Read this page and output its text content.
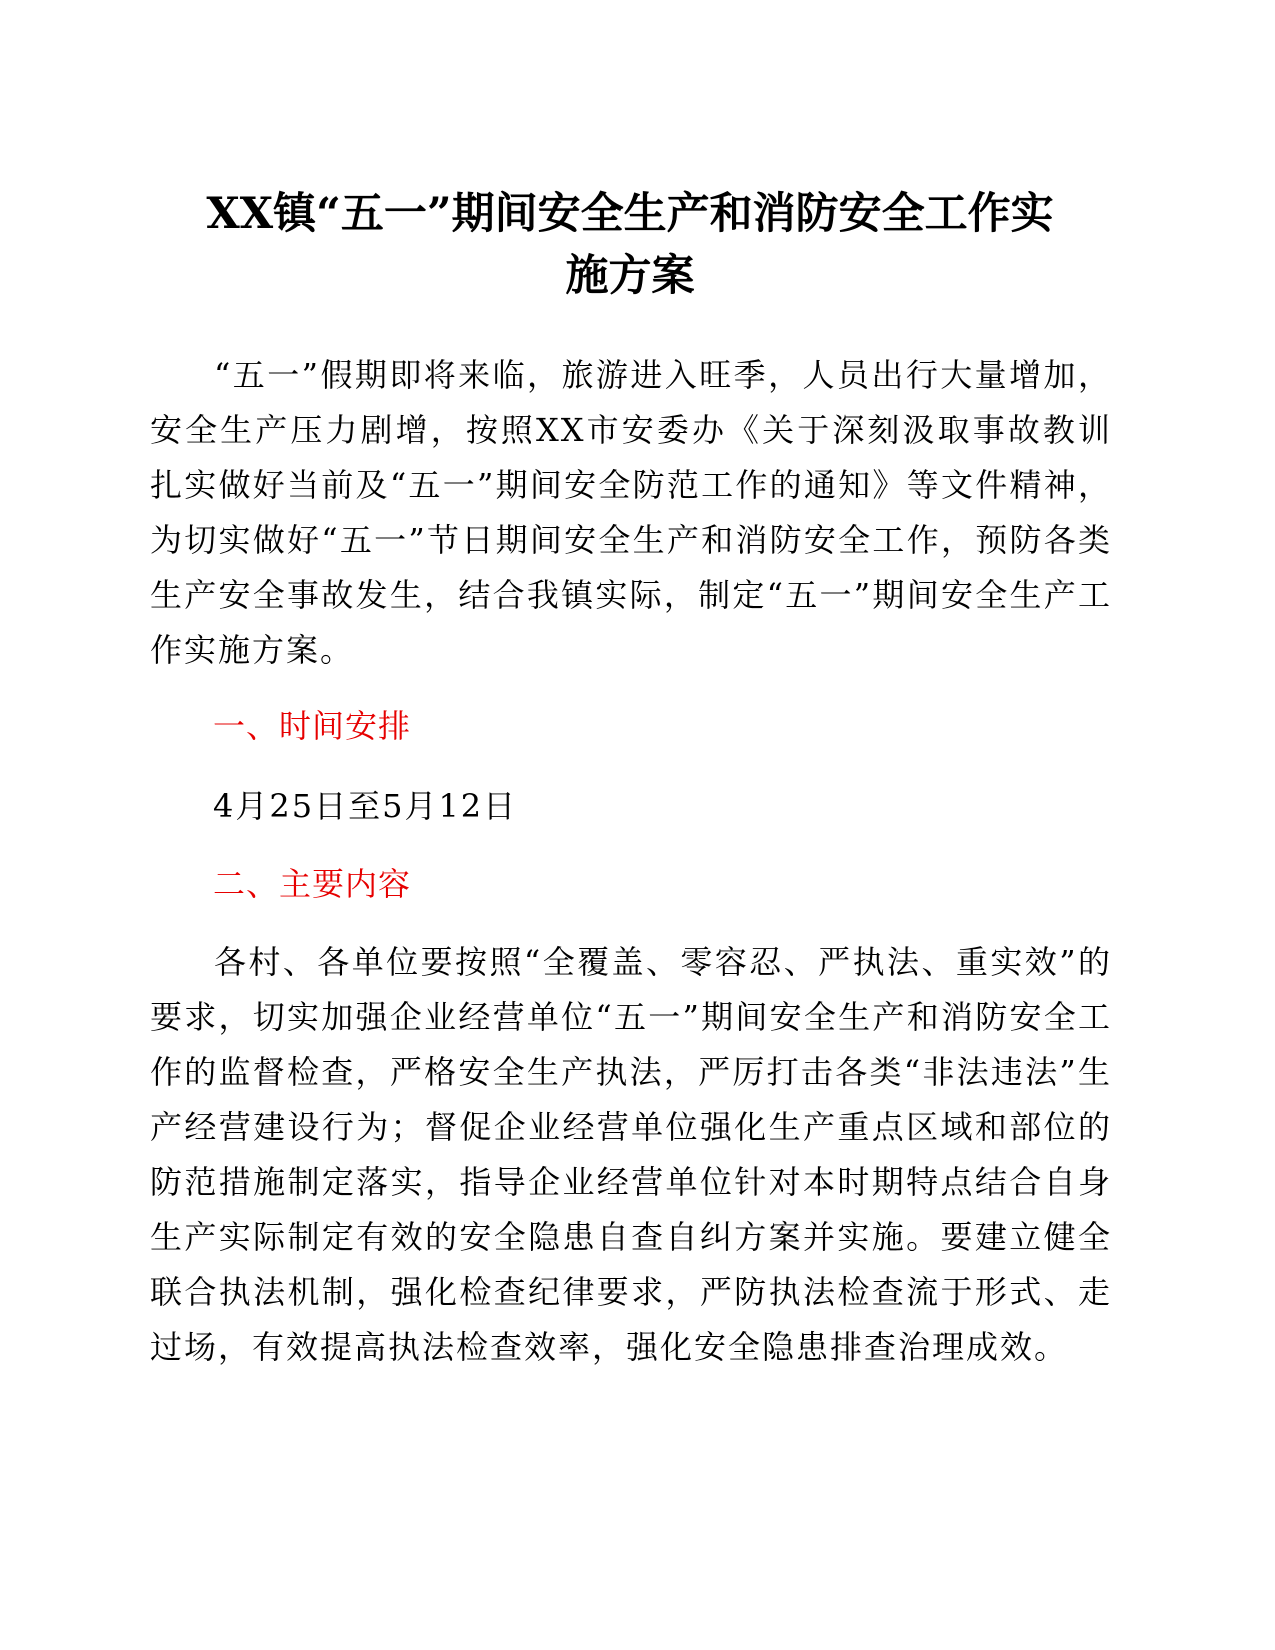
XX镇“五一”期间安全生产和消防安全工作实
施方案

“五一”假期即将来临，旅游进入旺季，人员出行大量增加，安全生产压力剧增，按照XX市安委办《关于深刻汲取事故教训扎实做好当前及“五一”期间安全防范工作的通知》等文件精神，为切实做好“五一”节日期间安全生产和消防安全工作，预防各类生产安全事故发生，结合我镇实际，制定“五一”期间安全生产工作实施方案。

一、时间安排

4月25日至5月12日

二、主要内容

各村、各单位要按照“全覆盖、零容忍、严执法、重实效”的要求，切实加强企业经营单位“五一”期间安全生产和消防安全工作的监督检查，严格安全生产执法，严厉打击各类“非法违法”生产经营建设行为；督促企业经营单位强化生产重点区域和部位的防范措施制定落实，指导企业经营单位针对本时期特点结合自身生产实际制定有效的安全隐患自查自纠方案并实施。要建立健全联合执法机制，强化检查纪律要求，严防执法检查流于形式、走过场，有效提高执法检查效率，强化安全隐患排查治理成效。
